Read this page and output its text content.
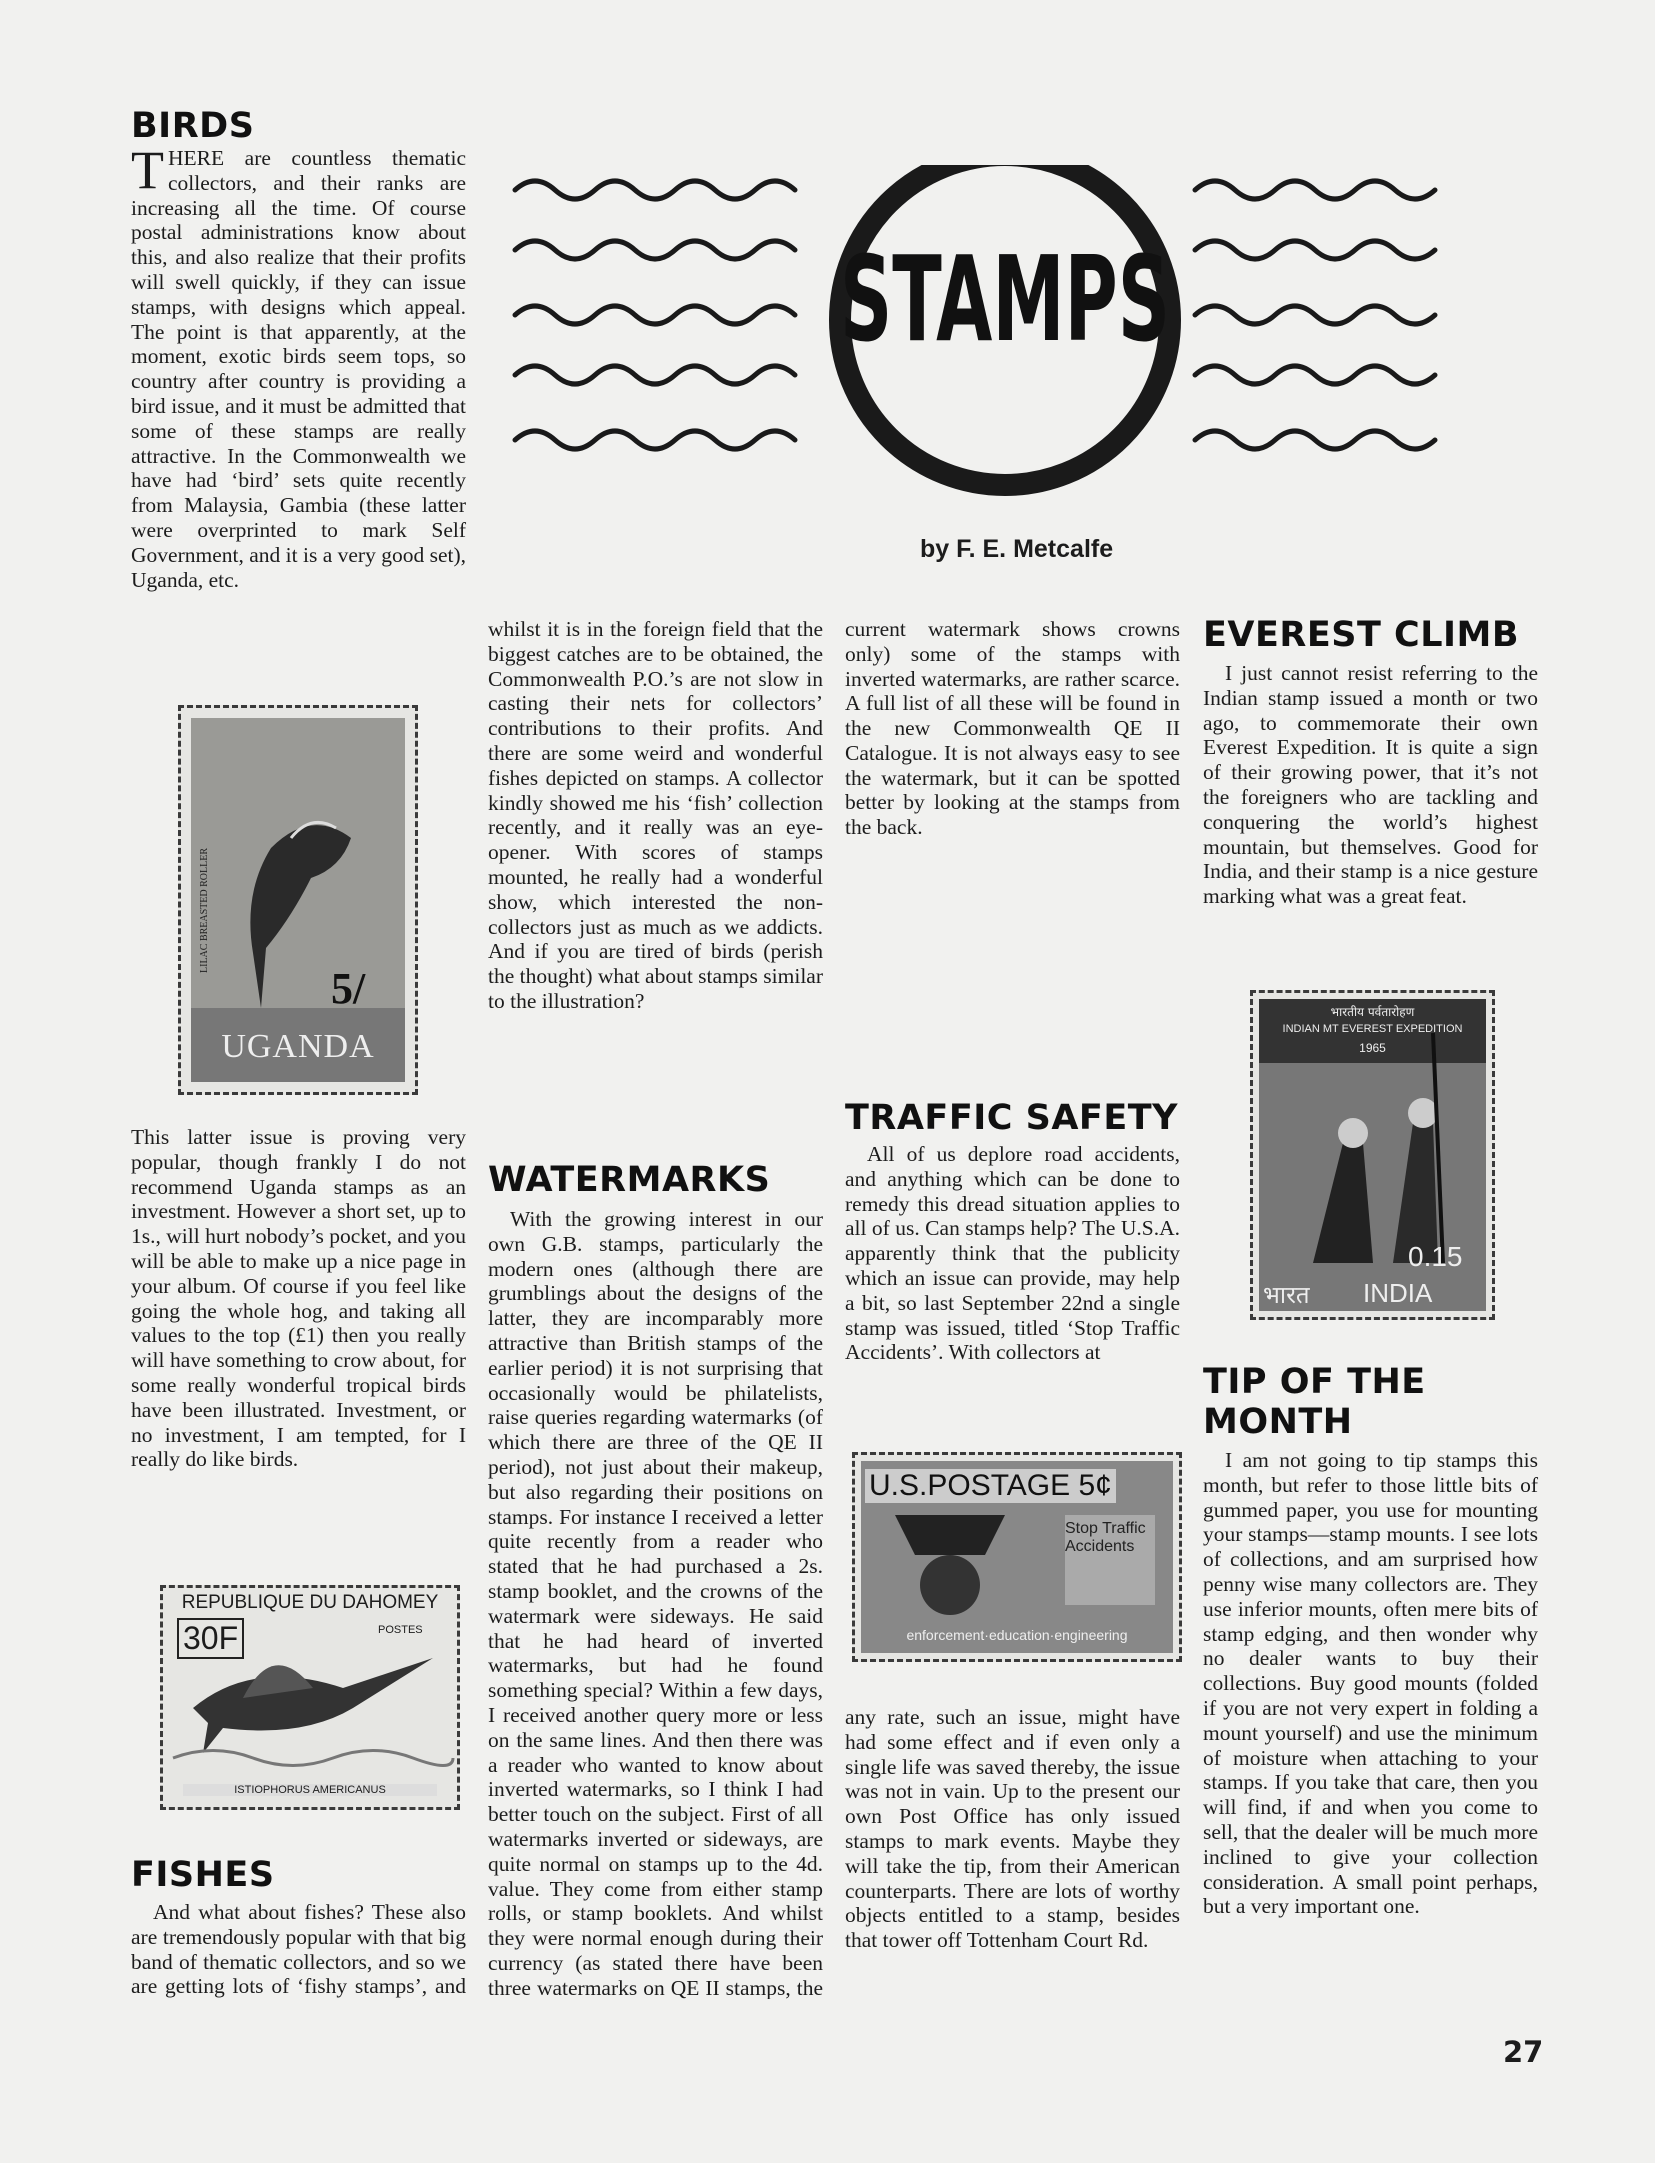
STAMPS
by F. E. Metcalfe
BIRDS

THERE are countless thematic collectors, and their ranks are increasing all the time. Of course postal administrations know about this, and also realize that their profits will swell quickly, if they can issue stamps, with designs which appeal. The point is that apparently, at the moment, exotic birds seem tops, so country after country is providing a bird issue, and it must be admitted that some of these stamps are really attractive. In the Commonwealth we have had ‘bird’ sets quite recently from Malaysia, Gambia (these latter were overprinted to mark Self Government, and it is a very good set), Uganda, etc.

UGANDA
5/
LILAC BREASTED ROLLER

This latter issue is proving very popular, though frankly I do not recommend Uganda stamps as an investment. However a short set, up to 1s., will hurt nobody’s pocket, and you will be able to make up a nice page in your album. Of course if you feel like going the whole hog, and taking all values to the top (£1) then you really will have something to crow about, for some really wonderful tropical birds have been illustrated. Investment, or no investment, I am tempted, for I really do like birds.

REPUBLIQUE DU DAHOMEY
30F	POSTES
ISTIOPHORUS AMERICANUS
FISHES

And what about fishes? These also are tremendously popular with that big band of thematic collectors, and so we are getting lots of ‘fishy stamps’, and

whilst it is in the foreign field that the biggest catches are to be obtained, the Commonwealth P.O.’s are not slow in casting their nets for collectors’ contributions to their profits. And there are some weird and wonderful fishes depicted on stamps. A collector kindly showed me his ‘fish’ collection recently, and it really was an eye-opener. With scores of stamps mounted, he really had a wonderful show, which interested the non-collectors just as much as we addicts. And if you are tired of birds (perish the thought) what about stamps similar to the illustration?

WATERMARKS

With the growing interest in our own G.B. stamps, particularly the modern ones (although there are grumblings about the designs of the latter, they are incomparably more attractive than British stamps of the earlier period) it is not surprising that occasionally would be philatelists, raise queries regarding watermarks (of which there are three of the QE II period), not just about their makeup, but also regarding their positions on stamps. For instance I received a letter quite recently from a reader who stated that he had purchased a 2s. stamp booklet, and the crowns of the watermark were sideways. He said that he had heard of inverted watermarks, but had he found something special? Within a few days, I received another query more or less on the same lines. And then there was a reader who wanted to know about inverted watermarks, so I think I had better touch on the subject. First of all watermarks inverted or sideways, are quite normal on stamps up to the 4d. value. They come from either stamp rolls, or stamp booklets. And whilst they were normal enough during their currency (as stated there have been three watermarks on QE II stamps, the

current watermark shows crowns only) some of the stamps with inverted watermarks, are rather scarce. A full list of all these will be found in the new Commonwealth QE II Catalogue. It is not always easy to see the watermark, but it can be spotted better by looking at the stamps from the back.

TRAFFIC SAFETY

All of us deplore road accidents, and anything which can be done to remedy this dread situation applies to all of us. Can stamps help? The U.S.A. apparently think that the publicity which an issue can provide, may help a bit, so last September 22nd a single stamp was issued, titled ‘Stop Traffic Accidents’. With collectors at

U.S.POSTAGE 5¢
Stop Traffic Accidents
enforcement·education·engineering

any rate, such an issue, might have had some effect and if even only a single life was saved thereby, the issue was not in vain. Up to the present our own Post Office has only issued stamps to mark events. Maybe they will take the tip, from their American counterparts. There are lots of worthy objects entitled to a stamp, besides that tower off Tottenham Court Rd.

EVEREST CLIMB

I just cannot resist referring to the Indian stamp issued a month or two ago, to commemorate their own Everest Expedition. It is quite a sign of their growing power, that it’s not the foreigners who are tackling and conquering the world’s highest mountain, but themselves. Good for India, and their stamp is a nice gesture marking what was a great feat.

भारतीय पर्वतारोहण
INDIAN MT EVEREST EXPEDITION
1965
0.15
भारत INDIA
TIP OF THE MONTH

I am not going to tip stamps this month, but refer to those little bits of gummed paper, you use for mounting your stamps—stamp mounts. I see lots of collections, and am surprised how penny wise many collectors are. They use inferior mounts, often mere bits of stamp edging, and then wonder why no dealer wants to buy their collections. Buy good mounts (folded if you are not very expert in folding a mount yourself) and use the minimum of moisture when attaching to your stamps. If you take that care, then you will find, if and when you come to sell, that the dealer will be much more inclined to give your collection consideration. A small point perhaps, but a very important one.

27
